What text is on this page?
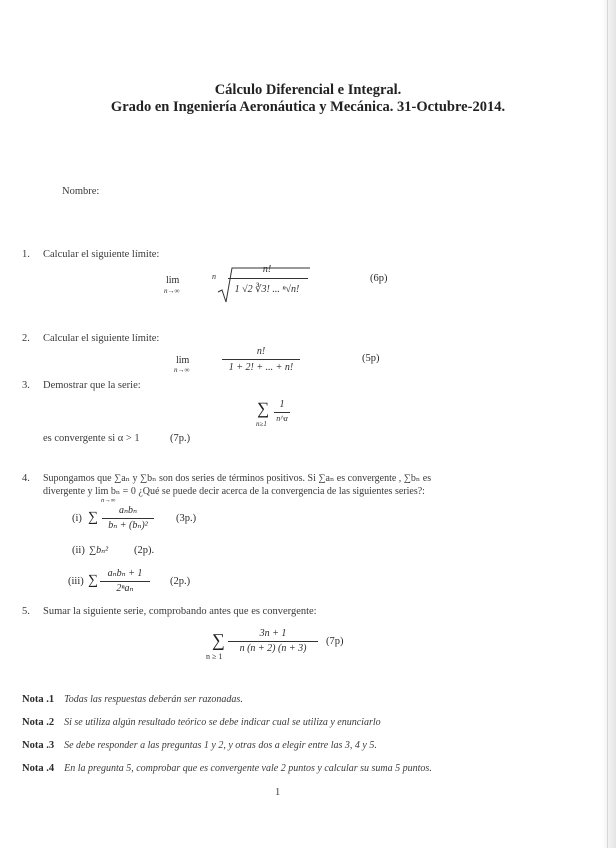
Cálculo Diferencial e Integral.
Grado en Ingeniería Aeronáutica y Mecánica. 31-Octubre-2014.
Nombre:
1. Calcular el siguiente límite:
lim
n→∞
n
n!
1 √2 ∛3! ... ⁿ√n!
(6p)
2. Calcular el siguiente límite:
lim
n→∞
n!
1 + 2! + ... + n!
(5p)
3. Demostrar que la serie:
∑
n≥1
1
n^α
es convergente si α > 1	(7p.)
4. Supongamos que ∑aₙ y ∑bₙ son dos series de términos positivos. Si ∑aₙ es convergente , ∑bₙ es
divergente y lim bₙ = 0 ¿Qué se puede decir acerca de la convergencia de las siguientes series?:
n→∞
(i) ∑	aₙbₙ
bₙ + (bₙ)²
(3p.)
(ii) ∑bₙ² (2p).
(iii) ∑ aₙbₙ + 1
2ⁿaₙ
(2p.)
5. Sumar la siguiente serie, comprobando antes que es convergente:
∑
n ≥ 1
3n + 1
n (n + 2) (n + 3)
(7p)
Nota .1 Todas las respuestas deberán ser razonadas.
Nota .2 Si se utiliza algún resultado teórico se debe indicar cual se utiliza y enunciarlo
Nota .3 Se debe responder a las preguntas 1 y 2, y otras dos a elegir entre las 3, 4 y 5.
Nota .4 En la pregunta 5, comprobar que es convergente vale 2 puntos y calcular su suma 5 puntos.
1
